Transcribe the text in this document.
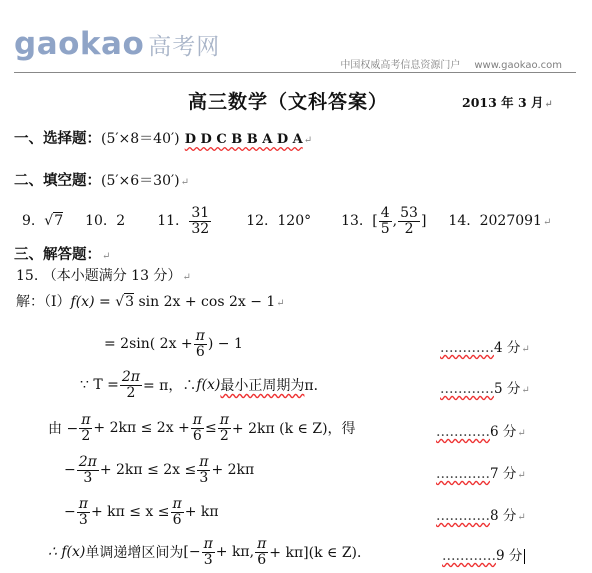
gaokao 高考网
中国权威高考信息资源门户 www.gaokao.com
高三数学（文科答案）	2013 年 3 月↵
一、选择题：(5′×8＝40′) D D C B B A D A↵
二、填空题：(5′×6＝30′)↵
9. √7 10. 2 11. $\frac{31}{32}$	12. 120° 13. [ $\frac{4}{5}$ , $\frac{53}{2}$ ] 14. 2027091↵
三、解答题：↵
15. （本小题满分 13 分）↵
解：（Ⅰ）f(x) = √3 sin 2x + cos 2x − 1↵
= 2sin( $2x + \frac{\pi}{6}$ ) − 1	…………4 分↵
∵ $T = \frac{2\pi}{2} = \pi$，∴ f(x) 最小正周期为 π．	…………5 分↵
由 − $\frac{\pi}{2} + 2k\pi \le 2x + \frac{\pi}{6} \le \frac{\pi}{2} + 2k\pi$ (k ∈ Z)，得	…………6 分↵
− $\frac{2\pi}{3} + 2k\pi \le 2x \le \frac{\pi}{3} + 2k\pi$	…………7 分↵
− $\frac{\pi}{3} + k\pi \le x \le \frac{\pi}{6} + k\pi$	…………8 分↵
∴ f(x) 单调递增区间为 [− $\frac{\pi}{3} + k\pi$, $\frac{\pi}{6} + k\pi](k$ ∈ Z)．	…………9 分
